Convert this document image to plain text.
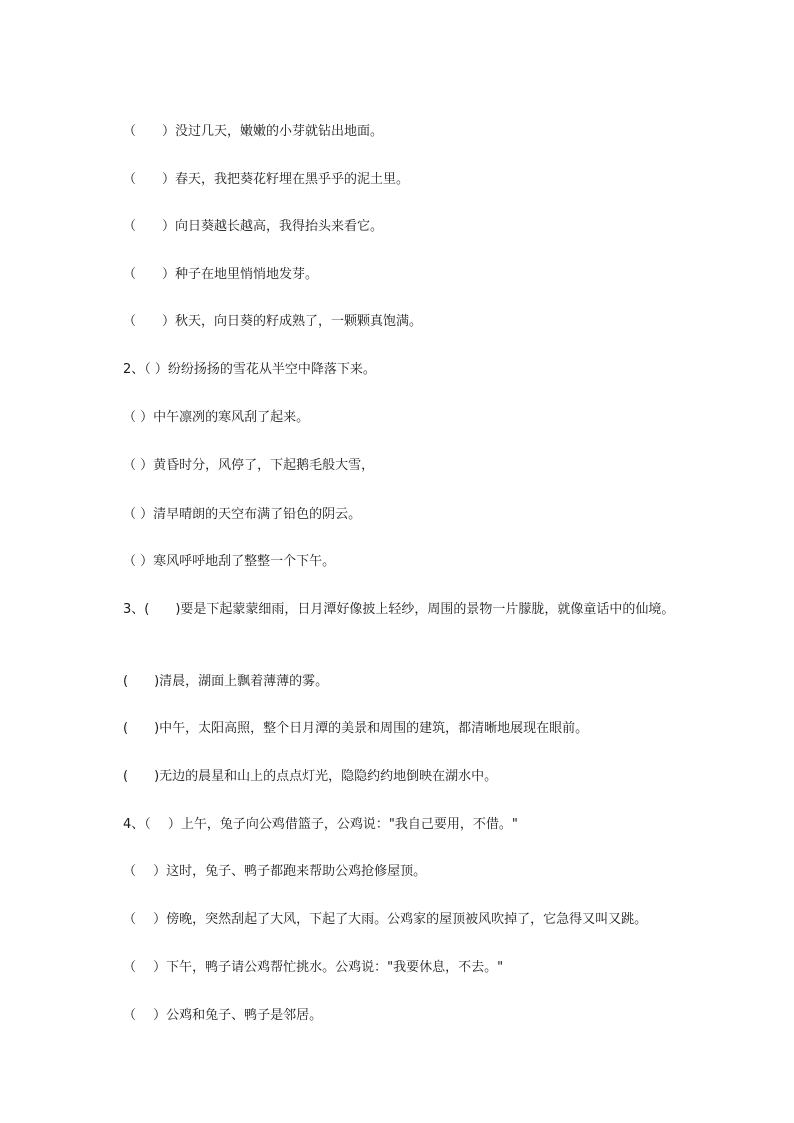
（　　）没过几天，嫩嫩的小芽就钻出地面。
（　　）春天，我把葵花籽埋在黑乎乎的泥土里。
（　　）向日葵越长越高，我得抬头来看它。
（　　）种子在地里悄悄地发芽。
（　　）秋天，向日葵的籽成熟了，一颗颗真饱满。
2、（ ）纷纷扬扬的雪花从半空中降落下来。
（ ）中午凛冽的寒风刮了起来。
（ ）黄昏时分，风停了，下起鹅毛般大雪，
（ ）清早晴朗的天空布满了铅色的阴云。
（ ）寒风呼呼地刮了整整一个下午。
3、(　　)要是下起蒙蒙细雨，日月潭好像披上轻纱，周围的景物一片朦胧，就像童话中的仙境。
(　　)清晨，湖面上飘着薄薄的雾。
(　　)中午，太阳高照，整个日月潭的美景和周围的建筑，都清晰地展现在眼前。
(　　)无边的晨星和山上的点点灯光，隐隐约约地倒映在湖水中。
4、（　 ）上午，兔子向公鸡借篮子，公鸡说："我自己要用，不借。"
（　 ）这时，兔子、鸭子都跑来帮助公鸡抢修屋顶。
（　 ）傍晚，突然刮起了大风，下起了大雨。公鸡家的屋顶被风吹掉了，它急得又叫又跳。
（　 ）下午，鸭子请公鸡帮忙挑水。公鸡说："我要休息，不去。"
（　 ）公鸡和兔子、鸭子是邻居。
